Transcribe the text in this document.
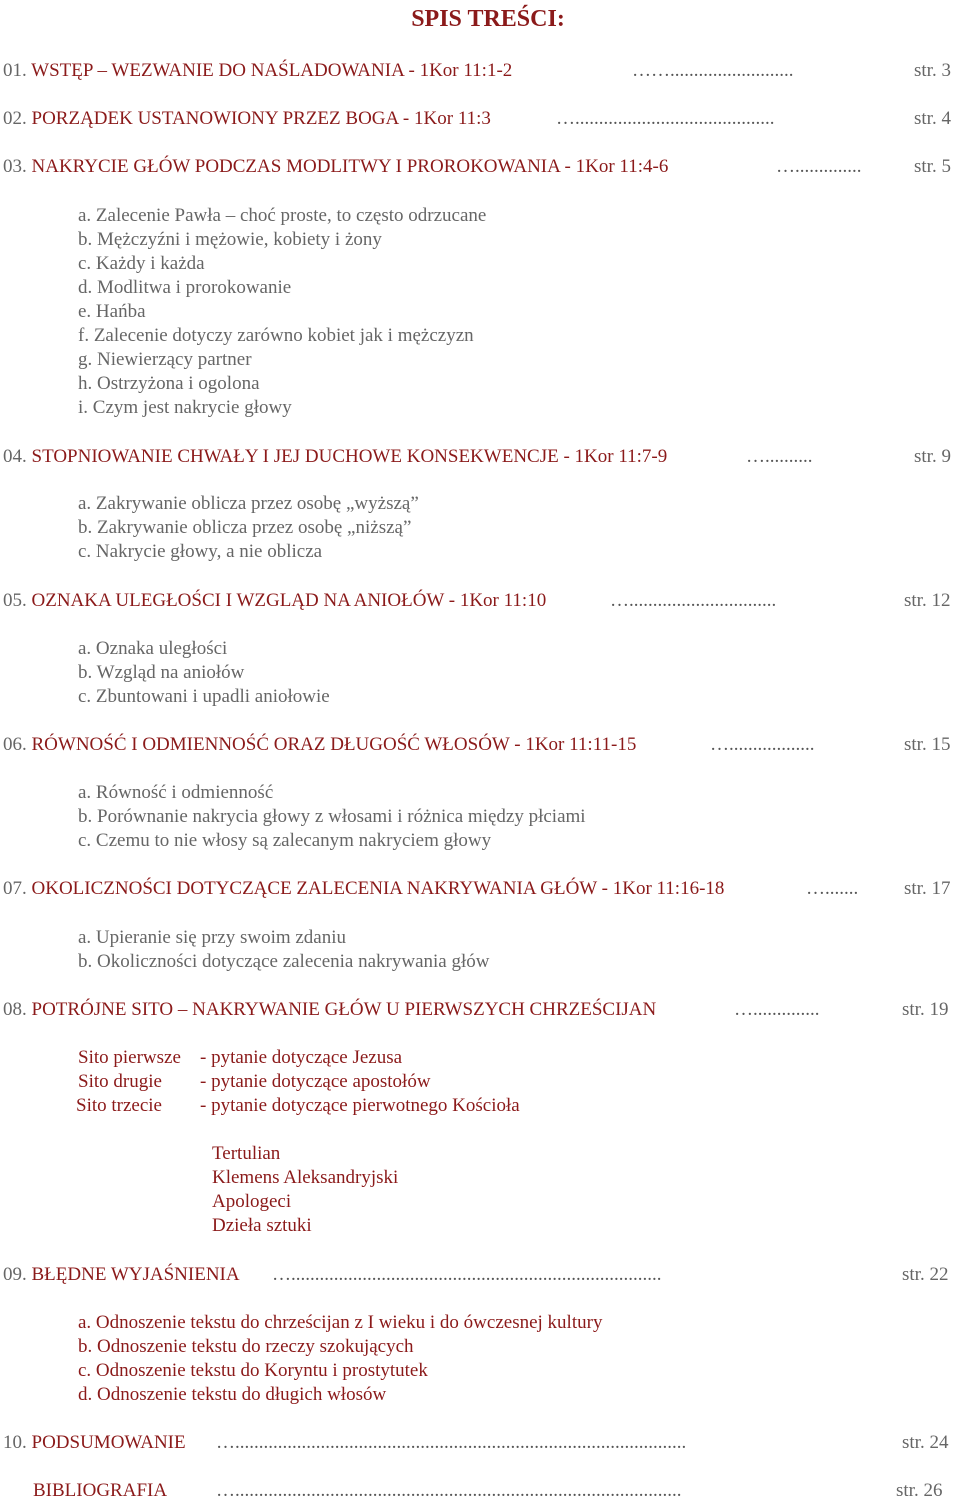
SPIS TREŚCI:
01. WSTĘP – WEZWANIE DO NAŚLADOWANIA - 1Kor 11:1-2	……..........................	str. 3
02. PORZĄDEK USTANOWIONY PRZEZ BOGA - 1Kor 11:3	…..........................................	str. 4
03. NAKRYCIE GŁÓW PODCZAS MODLITWY I PROROKOWANIA - 1Kor 11:4-6	…..............	str. 5
a. Zalecenie Pawła – choć proste, to często odrzucane
b. Mężczyźni i mężowie, kobiety i żony
c. Każdy i każda
d. Modlitwa i prorokowanie
e. Hańba
f. Zalecenie dotyczy zarówno kobiet jak i mężczyzn
g. Niewierzący partner
h. Ostrzyżona i ogolona
i. Czym jest nakrycie głowy
04. STOPNIOWANIE CHWAŁY I JEJ DUCHOWE KONSEKWENCJE - 1Kor 11:7-9	…..........	str. 9
a. Zakrywanie oblicza przez osobę „wyższą”
b. Zakrywanie oblicza przez osobę „niższą”
c. Nakrycie głowy, a nie oblicza
05. OZNAKA ULEGŁOŚCI I WZGLĄD NA ANIOŁÓW - 1Kor 11:10	…...............................	str. 12
a. Oznaka uległości
b. Wzgląd na aniołów
c. Zbuntowani i upadli aniołowie
06. RÓWNOŚĆ I ODMIENNOŚĆ ORAZ DŁUGOŚĆ WŁOSÓW - 1Kor 11:11-15	…..................	str. 15
a. Równość i odmienność
b. Porównanie nakrycia głowy z włosami i różnica między płciami
c. Czemu to nie włosy są zalecanym nakryciem głowy
07. OKOLICZNOŚCI DOTYCZĄCE ZALECENIA NAKRYWANIA GŁÓW - 1Kor 11:16-18	…....... str. 17
a. Upieranie się przy swoim zdaniu
b. Okoliczności dotyczące zalecenia nakrywania głów
08. POTRÓJNE SITO – NAKRYWANIE GŁÓW U PIERWSZYCH CHRZEŚCIJAN	…..............	str. 19
Sito pierwsze - pytanie dotyczące Jezusa
Sito drugie - pytanie dotyczące apostołów
Sito trzecie - pytanie dotyczące pierwotnego Kościoła
Tertulian
Klemens Aleksandryjski
Apologeci
Dzieła sztuki
09. BŁĘDNE WYJAŚNIENIA …..............................................................................	str. 22
a. Odnoszenie tekstu do chrześcijan z I wieku i do ówczesnej kultury
b. Odnoszenie tekstu do rzeczy szokujących
c. Odnoszenie tekstu do Koryntu i prostytutek
d. Odnoszenie tekstu do długich włosów
10. PODSUMOWANIE …...............................................................................................	str. 24
BIBLIOGRAFIA	…..............................................................................................	str. 26
